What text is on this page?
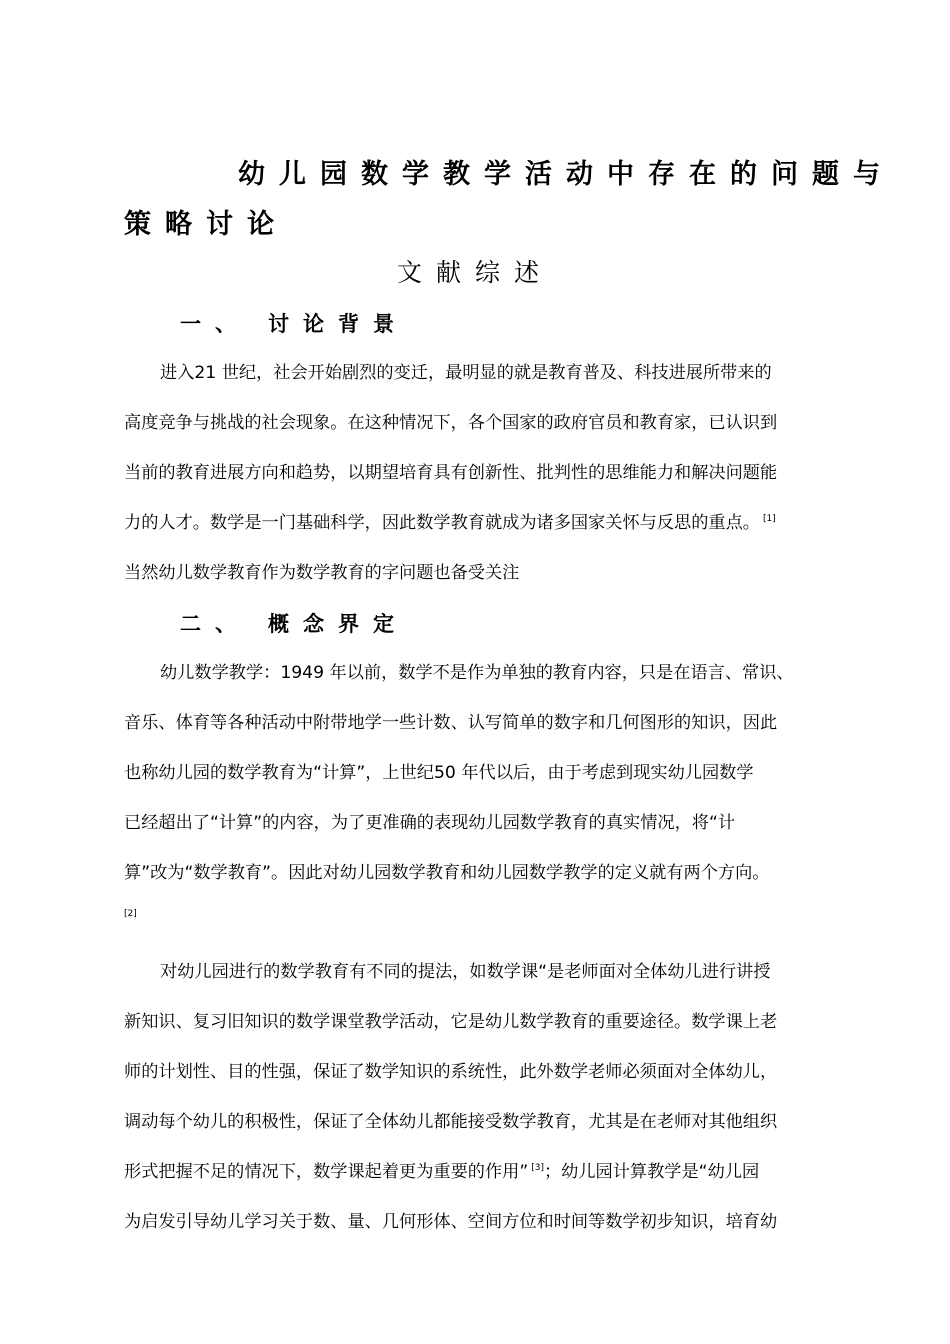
幼儿园数学教学活动中存在的问题与
策略讨论
文献综述
一、 讨论背景
进入21 世纪，社会开始剧烈的变迁，最明显的就是教育普及、科技进展所带来的
高度竞争与挑战的社会现象。在这种情况下，各个国家的政府官员和教育家，已认识到
当前的教育进展方向和趋势，以期望培育具有创新性、批判性的思维能力和解决问题能
力的人才。数学是一门基础科学，因此数学教育就成为诸多国家关怀与反思的重点。 [1]
当然幼儿数学教育作为数学教育的字问题也备受关注
二、 概念界定
幼儿数学教学：1949 年以前，数学不是作为单独的教育内容，只是在语言、常识、
音乐、体育等各种活动中附带地学一些计数、认写简单的数字和几何图形的知识，因此
也称幼儿园的数学教育为“计算”，上世纪50 年代以后，由于考虑到现实幼儿园数学
已经超出了“计算”的内容，为了更准确的表现幼儿园数学教育的真实情况，将“计
算”改为“数学教育”。因此对幼儿园数学教育和幼儿园数学教学的定义就有两个方向。
[2]
对幼儿园进行的数学教育有不同的提法，如数学课“是老师面对全体幼儿进行讲授
新知识、复习旧知识的数学课堂教学活动，它是幼儿数学教育的重要途径。数学课上老
师的计划性、目的性强，保证了数学知识的系统性，此外数学老师必须面对全体幼儿，
调动每个幼儿的积极性，保证了全体幼儿都能接受数学教育，尤其是在老师对其他组织
形式把握不足的情况下，数学课起着更为重要的作用” [3]；幼儿园计算教学是“幼儿园
为启发引导幼儿学习关于数、量、几何形体、空间方位和时间等数学初步知识，培育幼
